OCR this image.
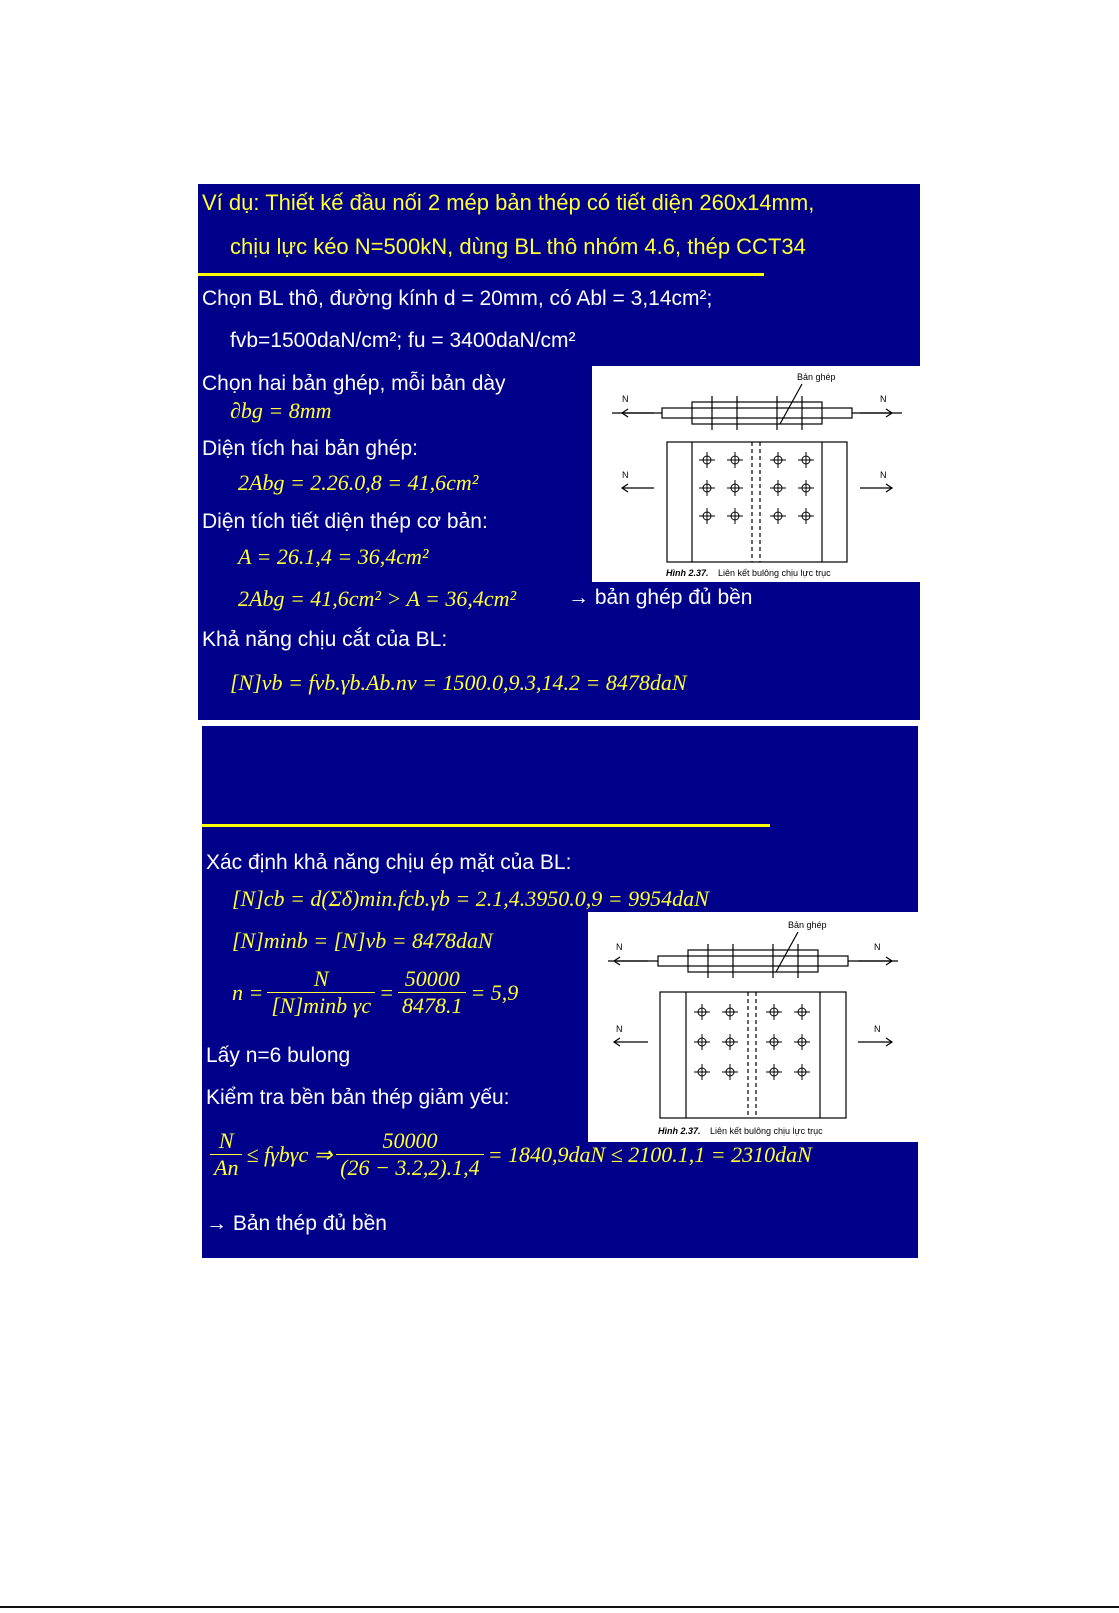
Ví dụ: Thiết kế đầu nối 2 mép bản thép có tiết diện 260x14mm,
chịu lực kéo N=500kN, dùng BL thô nhóm 4.6, thép CCT34
Chọn BL thô, đường kính d = 20mm, có Abl = 3,14cm²;
fvb=1500daN/cm²; fu = 3400daN/cm²
Chọn hai bản ghép, mỗi bản dày
∂bg = 8mm
Diện tích hai bản ghép:
2Abg = 2.26.0,8 = 41,6cm²
Diện tích tiết diện thép cơ bản:
A = 26.1,4 = 36,4cm²
2Abg = 41,6cm² > A = 36,4cm² → bản ghép đủ bền
Khả năng chịu cắt của BL:
[N]vb = fvb.γb.Ab.nv = 1500.0,9.3,14.2 = 8478daN
Bản ghép
N	N
N	N
Hình 2.37. Liên kết bulông chịu lực trục
Xác định khả năng chịu ép mặt của BL:
[N]cb = d(Σδ)min.fcb.γb = 2.1,4.3950.0,9 = 9954daN
[N]minb = [N]vb = 8478daN
$n = \frac{N}{\text{[N]minb γc}} = \frac{50000}{8478.1} = 5,9$
Lấy n=6 bulong
Kiểm tra bền bản thép giảm yếu:
$\frac{N}{An} \le f\gamma b\gamma c$ ⇒ $\frac{50000}{(26 - 3.2,2).1,4} = 1840,9daN \le 2100.1,1 = 2310daN$
→ Bản thép đủ bền
Bản ghép
N	N
N	N
Hình 2.37. Liên kết bulông chịu lực trục
